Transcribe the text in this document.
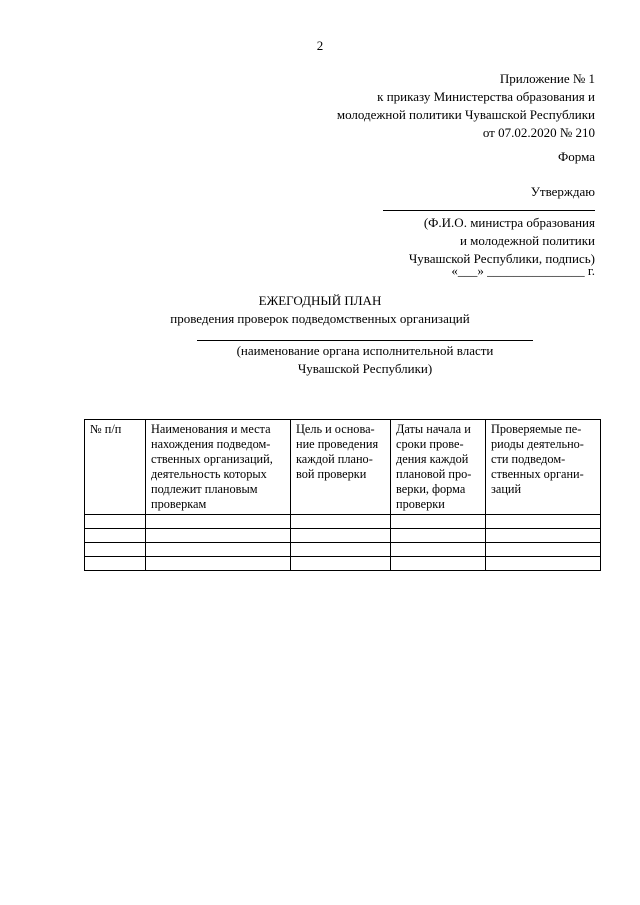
2
Приложение № 1
к приказу Министерства образования и
молодежной политики Чувашской Республики
от 07.02.2020 № 210
Форма
Утверждаю
(Ф.И.О. министра образования
и молодежной политики
Чувашской Республики, подпись)
«___» _______________ г.
ЕЖЕГОДНЫЙ ПЛАН
проведения проверок подведомственных организаций
(наименование органа исполнительной власти
Чувашской Республики)
№ п/п	Наименования и места нахождения подведом-ственных организаций, деятельность которых подлежит плановым проверкам	Цель и основа-ние проведения каждой плано-вой проверки	Даты начала и сроки прове-дения каждой плановой про-верки, форма проверки	Проверяемые пе-риоды деятельно-сти подведом-ственных органи-заций
